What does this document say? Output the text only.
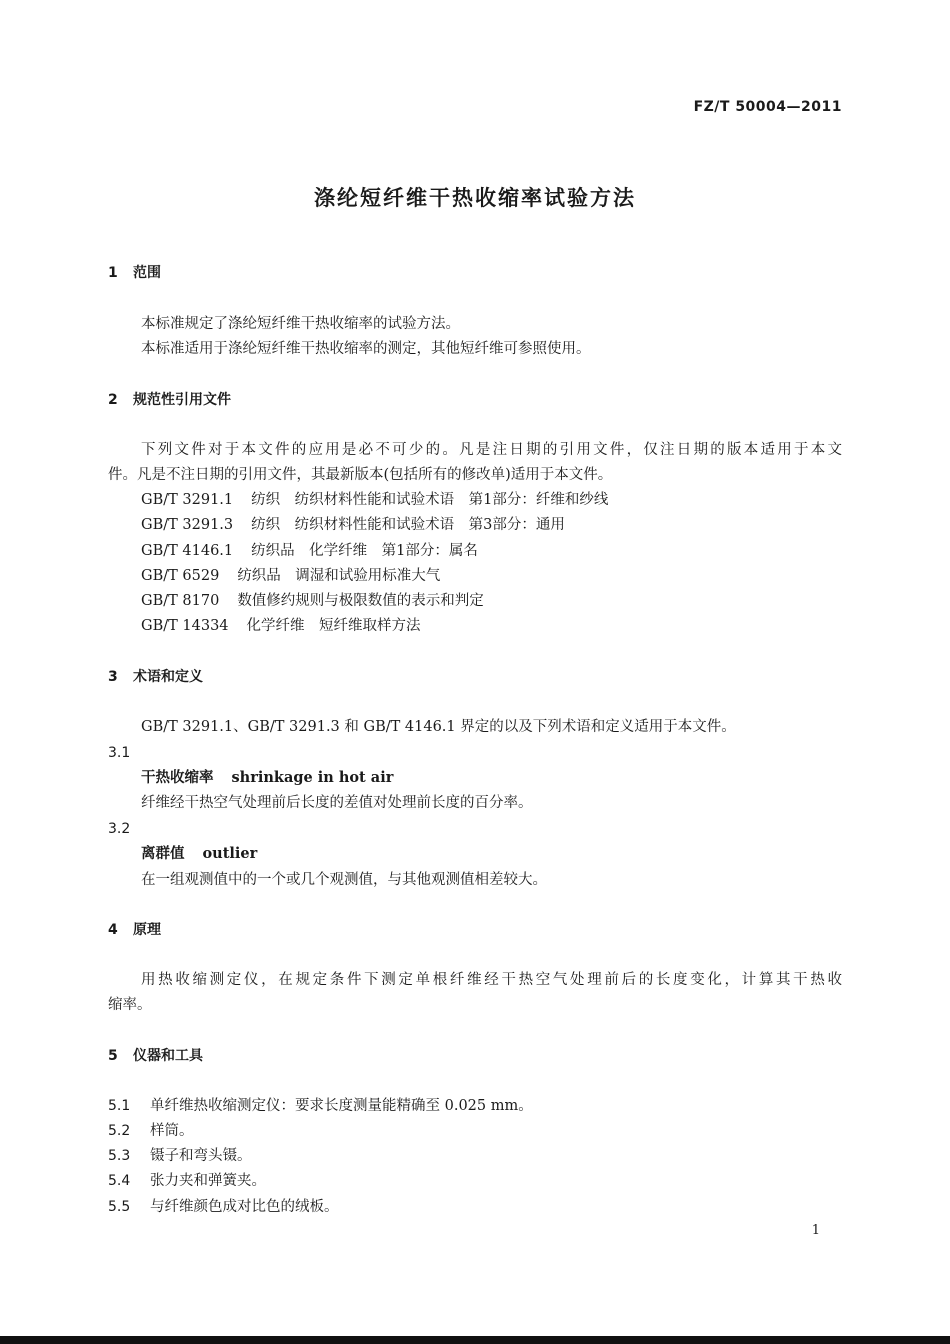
FZ/T 50004—2011
涤纶短纤维干热收缩率试验方法
1 范围
本标准规定了涤纶短纤维干热收缩率的试验方法。
本标准适用于涤纶短纤维干热收缩率的测定，其他短纤维可参照使用。
2 规范性引用文件
下列文件对于本文件的应用是必不可少的。凡是注日期的引用文件，仅注日期的版本适用于本文
件。凡是不注日期的引用文件，其最新版本(包括所有的修改单)适用于本文件。
GB/T 3291.1 纺织　纺织材料性能和试验术语　第1部分：纤维和纱线
GB/T 3291.3 纺织　纺织材料性能和试验术语　第3部分：通用
GB/T 4146.1 纺织品　化学纤维　第1部分：属名
GB/T 6529 纺织品　调湿和试验用标准大气
GB/T 8170 数值修约规则与极限数值的表示和判定
GB/T 14334 化学纤维　短纤维取样方法
3 术语和定义
GB/T 3291.1、GB/T 3291.3 和 GB/T 4146.1 界定的以及下列术语和定义适用于本文件。
3.1
干热收缩率 shrinkage in hot air
纤维经干热空气处理前后长度的差值对处理前长度的百分率。
3.2
离群值 outlier
在一组观测值中的一个或几个观测值，与其他观测值相差较大。
4 原理
用热收缩测定仪，在规定条件下测定单根纤维经干热空气处理前后的长度变化，计算其干热收
缩率。
5 仪器和工具
5.1 单纤维热收缩测定仪：要求长度测量能精确至 0.025 mm。
5.2 样筒。
5.3 镊子和弯头镊。
5.4 张力夹和弹簧夹。
5.5 与纤维颜色成对比色的绒板。
1
